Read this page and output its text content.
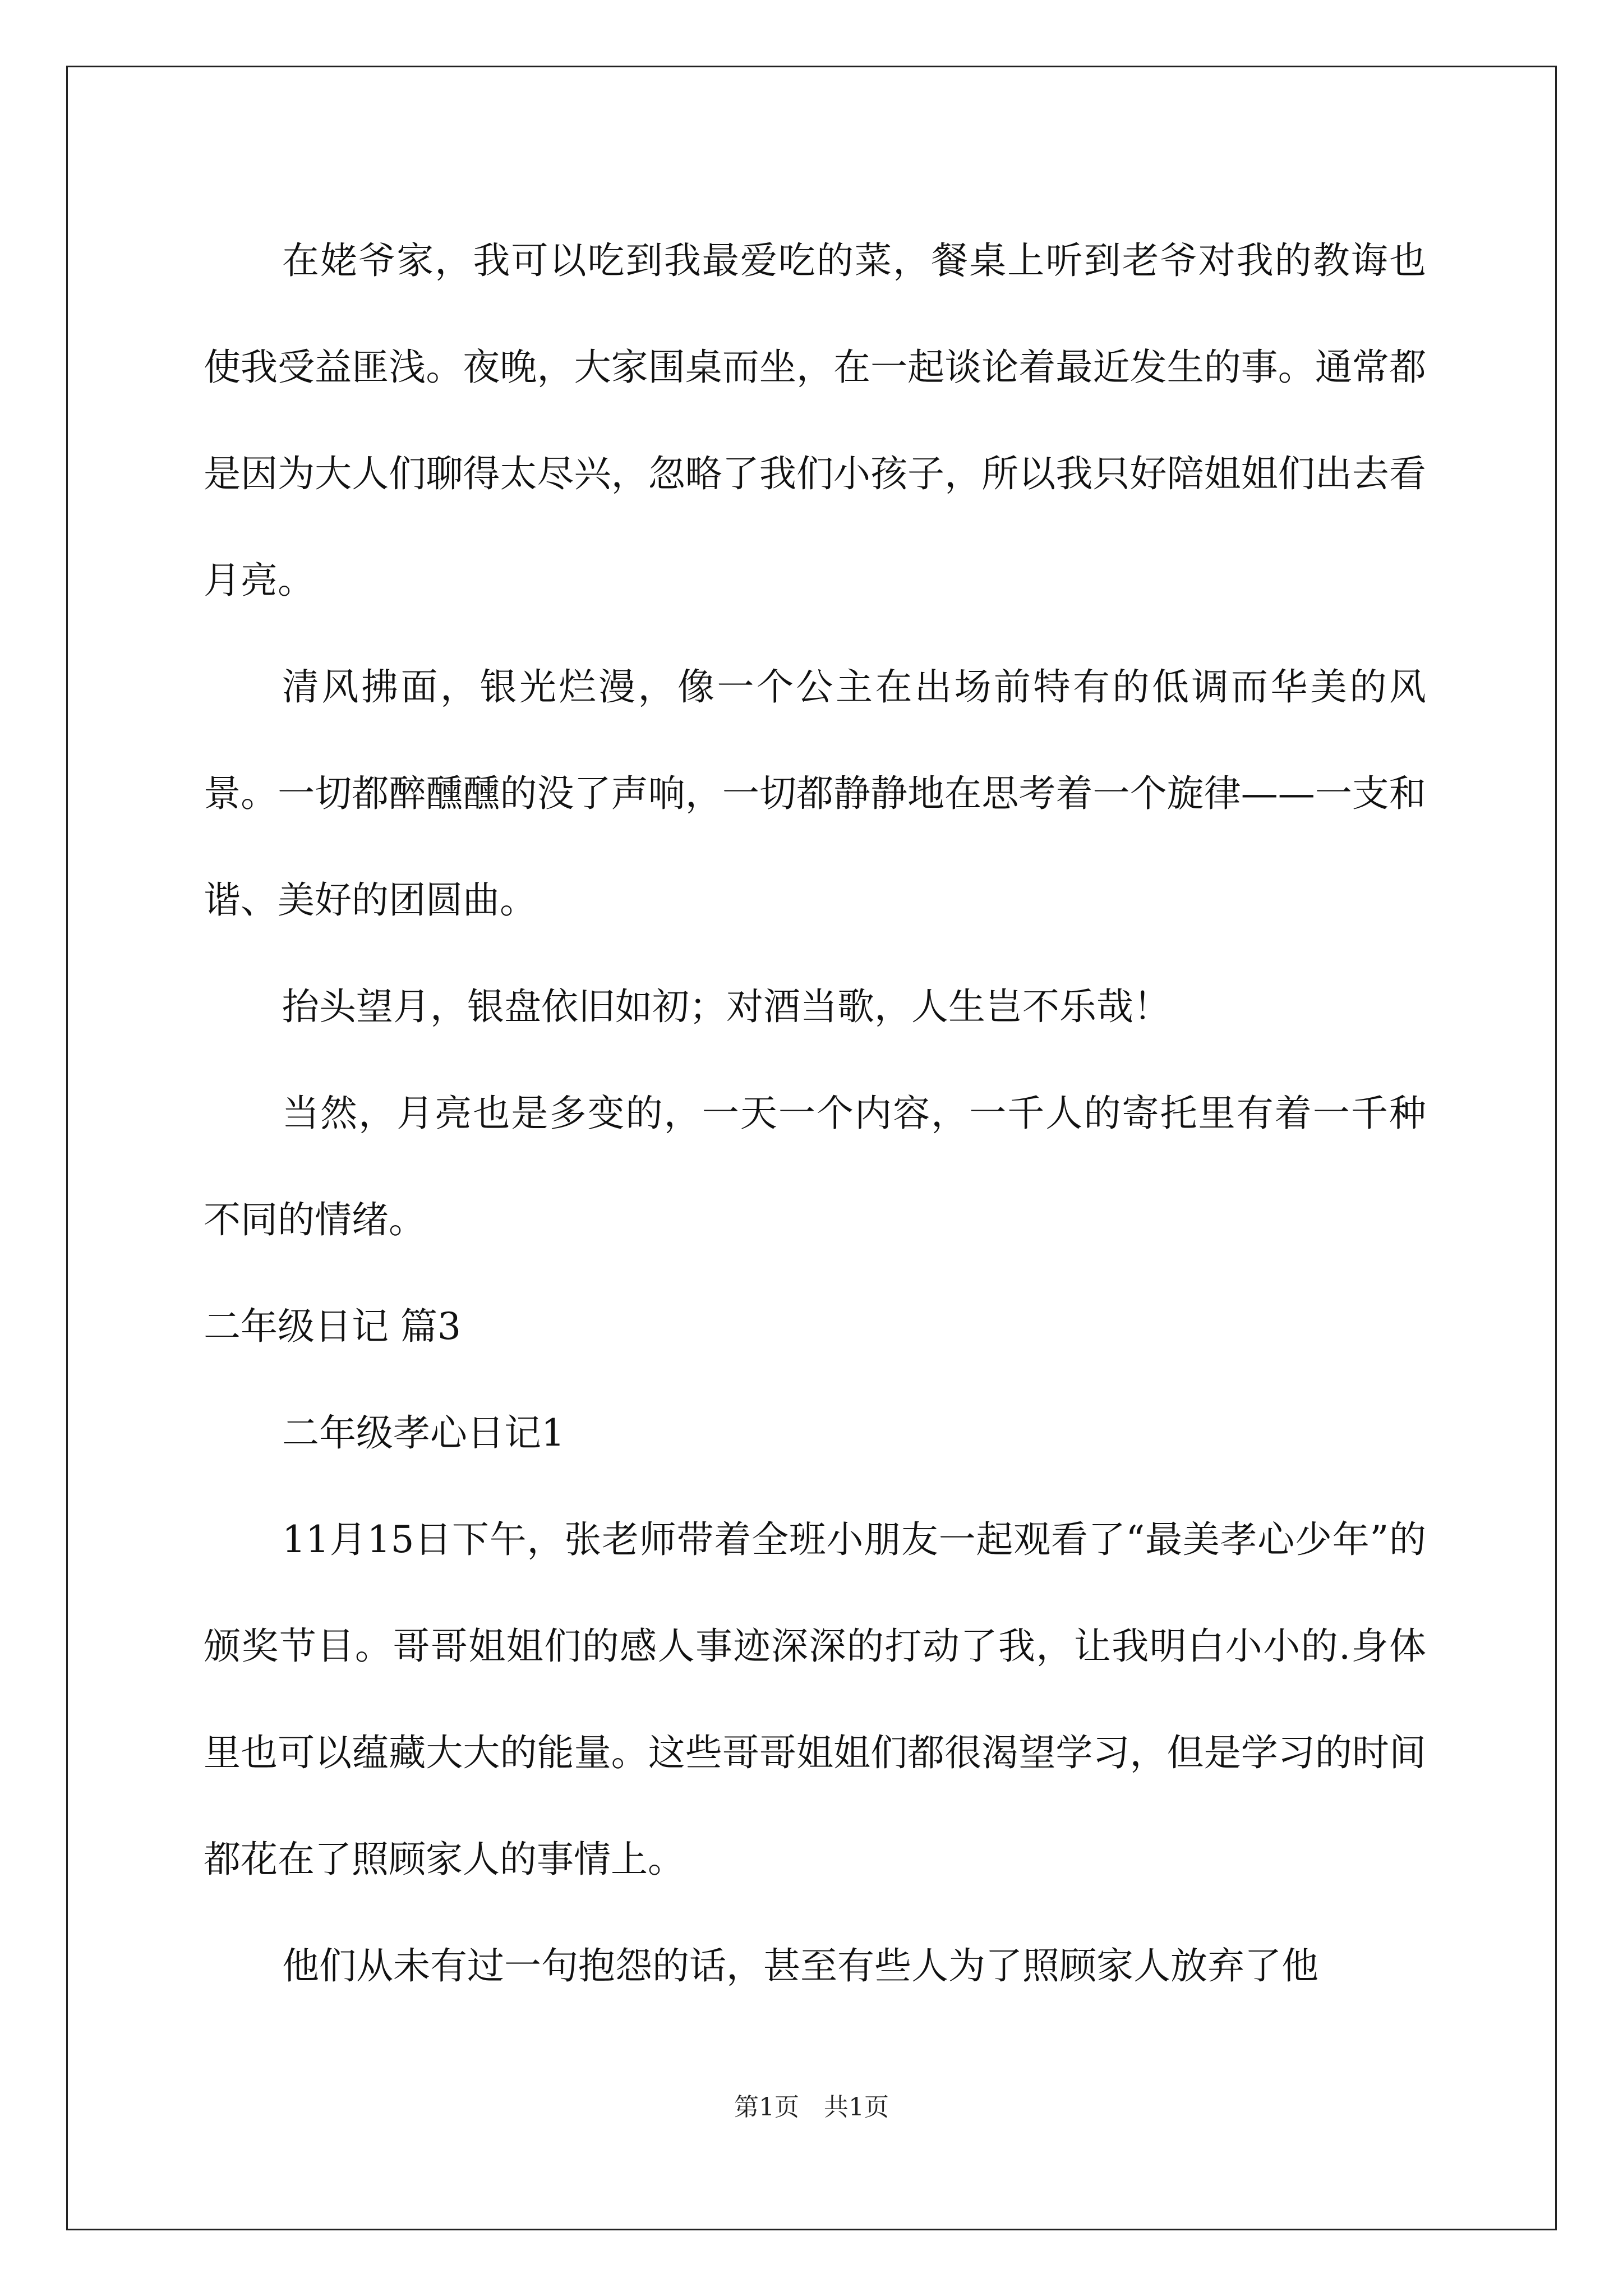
在姥爷家，我可以吃到我最爱吃的菜，餐桌上听到老爷对我的教诲也使我受益匪浅。夜晚，大家围桌而坐，在一起谈论着最近发生的事。通常都是因为大人们聊得太尽兴，忽略了我们小孩子，所以我只好陪姐姐们出去看月亮。

清风拂面，银光烂漫，像一个公主在出场前特有的低调而华美的风景。一切都醉醺醺的没了声响，一切都静静地在思考着一个旋律——一支和谐、美好的团圆曲。

抬头望月，银盘依旧如初；对酒当歌，人生岂不乐哉！

当然，月亮也是多变的，一天一个内容，一千人的寄托里有着一千种不同的情绪。

二年级日记 篇3

二年级孝心日记1

11月15日下午，张老师带着全班小朋友一起观看了“最美孝心少年”的颁奖节目。哥哥姐姐们的感人事迹深深的打动了我，让我明白小小的.身体里也可以蕴藏大大的能量。这些哥哥姐姐们都很渴望学习，但是学习的时间都花在了照顾家人的事情上。

他们从未有过一句抱怨的话，甚至有些人为了照顾家人放弃了他

第1页　共1页
